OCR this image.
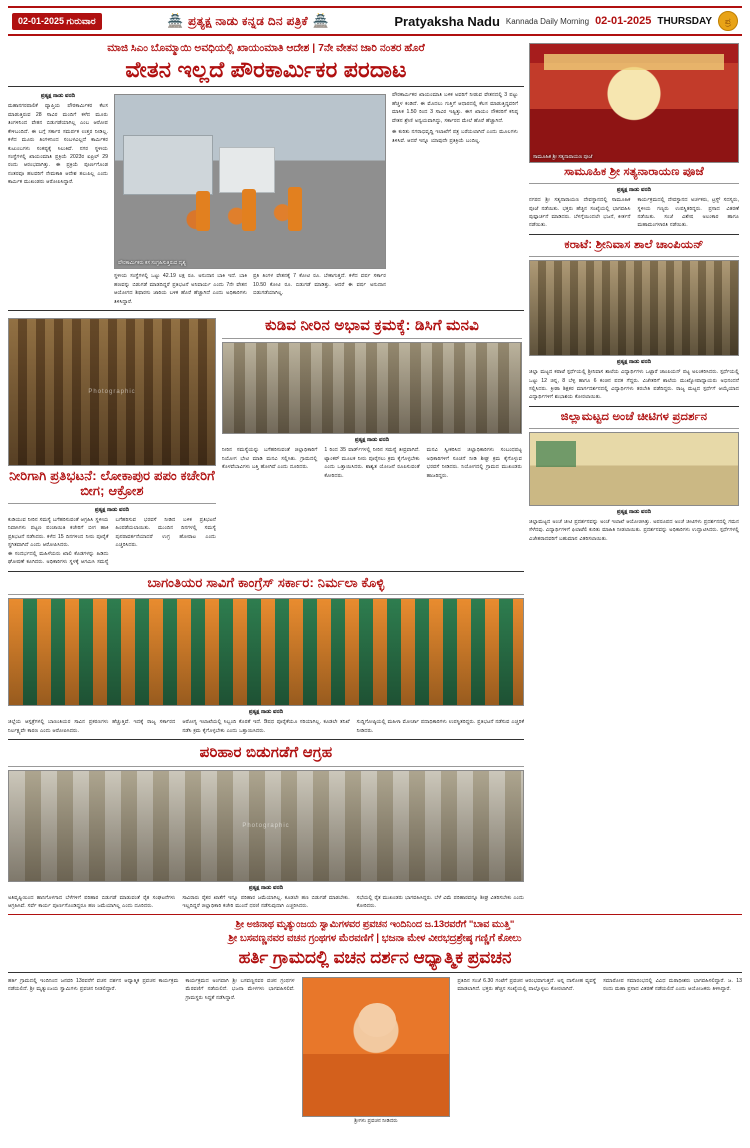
02-01-2025 ಗುರುವಾರ	🏯 ಪ್ರತ್ಯಕ್ಷ ನಾಡು ಕನ್ನಡ ದಿನ ಪತ್ರಿಕೆ 🏯	Pratyaksha Nadu Kannada Daily Morning 02-01-2025 THURSDAY	ಪ್ರ
ಮಾಜಿ ಸಿಎಂ ಬೊಮ್ಮಾಯಿ ಅವಧಿಯಲ್ಲಿ ಖಾಯಂಮಾತಿ ಆದೇಶ | 7ನೇ ವೇತನ ಜಾರಿ ನಂತರ ಹೊರೆ
ವೇತನ ಇಲ್ಲದೆ ಪೌರಕಾರ್ಮಿಕರ ಪರದಾಟ
ಪ್ರತ್ಯಕ್ಷ ನಾಡು ವರದಿ
ಮಹಾನಗರಪಾಲಿಕೆ ವ್ಯಾಪ್ತಿಯ ಪೌರಕಾರ್ಮಿಕರ ಕೆಲಸ ಮಾಡುತ್ತಿರುವ 28 ಸಾವಿರ ಮಂದಿಗೆ ಕಳೆದ ಮೂರು ತಿಂಗಳಿನಿಂದ ವೇತನ ಬಿಡುಗಡೆಯಾಗಿಲ್ಲ ಎಂಬ ಆರೋಪ ಕೇಳಿಬಂದಿದೆ. ಈ ಬಗ್ಗೆ ಸರ್ಕಾರ ಸಮರ್ಪಕ ಉತ್ತರ ನೀಡಿಲ್ಲ. ಕಳೆದ ಮೂರು ತಿಂಗಳಿನಿಂದ ಸಂಬಳವಿಲ್ಲದೆ ಕಾರ್ಮಿಕರ ಕುಟುಂಬಗಳು ಸಂಕಷ್ಟಕ್ಕೆ ಸಿಲುಕಿವೆ. ನಗರ ಸ್ಥಳೀಯ ಸಂಸ್ಥೆಗಳಲ್ಲಿ ಖಾಯಂಮಾತಿ ಪ್ರಕ್ರಿಯೆ 2023ರ ಏಪ್ರಿಲ್ 29 ರಂದು ಆರಂಭವಾಗಿತ್ತು. ಈ ಪ್ರಕ್ರಿಯೆ ಪೂರ್ಣಗೊಂಡ ನಂತರವೂ ಹಲವರಿಗೆ ನೇಮಕಾತಿ ಆದೇಶ ತಲುಪಿಲ್ಲ ಎಂದು ಕಾರ್ಮಿಕ ಮುಖಂಡರು ಆರೋಪಿಸಿದ್ದಾರೆ.
ಪೌರಕಾರ್ಮಿಕರು ಕಸ ಸಂಗ್ರಹಿಸುತ್ತಿರುವ ದೃಶ್ಯ
ಸ್ಥಳೀಯ ಸಂಸ್ಥೆಗಳಲ್ಲಿ ಒಟ್ಟು 42.19 ಲಕ್ಷ ರೂ. ಅನುದಾನ ಬಾಕಿ ಇದೆ. ಬಾಕಿ ಹಣವನ್ನು ಬಿಡುಗಡೆ ಮಾಡದಿದ್ದರೆ ಪ್ರತಿಭಟನೆ ಅನಿವಾರ್ಯ ಎಂದು 7ನೇ ವೇತನ ಆಯೋಗದ ಶಿಫಾರಸು ಜಾರಿಯ ಬಳಿಕ ಹೊರೆ ಹೆಚ್ಚಾಗಿದೆ ಎಂದು ಅಧಿಕಾರಿಗಳು ತಿಳಿಸಿದ್ದಾರೆ.
ಪ್ರತಿ ತಿಂಗಳ ವೇತನಕ್ಕೆ 7 ಕೋಟಿ ರೂ. ಬೇಕಾಗುತ್ತದೆ. ಕಳೆದ ವರ್ಷ ಸರ್ಕಾರ 10.50 ಕೋಟಿ ರೂ. ಬಿಡುಗಡೆ ಮಾಡಿತ್ತು. ಆದರೆ ಈ ವರ್ಷ ಅನುದಾನ ಬಿಡುಗಡೆಯಾಗಿಲ್ಲ.
ಪೌರಕಾರ್ಮಿಕರ ಖಾಯಂಮಾತಿ ಬಳಿಕ ಅವರಿಗೆ ನೀಡುವ ವೇತನದಲ್ಲಿ 3 ಪಟ್ಟು ಹೆಚ್ಚಳ ಕಂಡಿದೆ. ಈ ಮೊದಲು ಗುತ್ತಿಗೆ ಆಧಾರದಲ್ಲಿ ಕೆಲಸ ಮಾಡುತ್ತಿದ್ದವರಿಗೆ ಮಾಸಿಕ 1.50 ರಿಂದ 3 ಸಾವಿರ ಇಷ್ಟಿತ್ತು. ಈಗ ಖಾಯಂ ನೌಕರರಿಗೆ ಕನಿಷ್ಠ ವೇತನ ಶ್ರೇಣಿ ಅನ್ವಯವಾಗಿದ್ದು, ಸರ್ಕಾರದ ಮೇಲೆ ಹೊರೆ ಹೆಚ್ಚಾಗಿದೆ.
ಈ ಕುರಿತು ನಗರಾಭಿವೃದ್ಧಿ ಇಲಾಖೆಗೆ ಪತ್ರ ಬರೆಯಲಾಗಿದೆ ಎಂದು ಮೂಲಗಳು ತಿಳಿಸಿವೆ. ಆದರೆ ಇನ್ನೂ ಯಾವುದೇ ಪ್ರತಿಕ್ರಿಯೆ ಬಂದಿಲ್ಲ.
Photographic
ನೀರಿಗಾಗಿ ಪ್ರತಿಭಟನೆ: ಲೋಕಾಪುರ ಪಪಂ ಕಚೇರಿಗೆ ಬೀಗ; ಆಕ್ರೋಶ
ಪ್ರತ್ಯಕ್ಷ ನಾಡು ವರದಿ
ಕುಡಿಯುವ ನೀರಿನ ಸಮಸ್ಯೆ ಬಗೆಹರಿಸುವಂತೆ ಆಗ್ರಹಿಸಿ ಸ್ಥಳೀಯ ನಿವಾಸಿಗಳು ಪಟ್ಟಣ ಪಂಚಾಯಿತಿ ಕಚೇರಿಗೆ ಬೀಗ ಹಾಕಿ ಪ್ರತಿಭಟನೆ ನಡೆಸಿದರು. ಕಳೆದ 15 ದಿನಗಳಿಂದ ನೀರು ಪೂರೈಕೆ ಸ್ಥಗಿತವಾಗಿದೆ ಎಂದು ಆರೋಪಿಸಿದರು.
ಈ ಸಂದರ್ಭದಲ್ಲಿ ಮಹಿಳೆಯರು ಖಾಲಿ ಕೊಡಗಳನ್ನು ಹಿಡಿದು ಘೋಷಣೆ ಕೂಗಿದರು. ಅಧಿಕಾರಿಗಳು ಸ್ಥಳಕ್ಕೆ ಆಗಮಿಸಿ ಸಮಸ್ಯೆ ಬಗೆಹರಿಸುವ ಭರವಸೆ ನೀಡಿದ ಬಳಿಕ ಪ್ರತಿಭಟನೆ ಹಿಂಪಡೆಯಲಾಯಿತು. ಮುಂದಿನ ದಿನಗಳಲ್ಲಿ ಸಮಸ್ಯೆ ಪುನರಾವರ್ತನೆಯಾದರೆ ಉಗ್ರ ಹೋರಾಟ ಎಂದು ಎಚ್ಚರಿಸಿದರು.
ಕುಡಿವ ನೀರಿನ ಅಭಾವ ಕ್ರಮಕ್ಕೆ: ಡಿಸಿಗೆ ಮನವಿ
ಪ್ರತ್ಯಕ್ಷ ನಾಡು ವರದಿ
ನೀರಿನ ಸಮಸ್ಯೆಯನ್ನು ಬಗೆಹರಿಸುವಂತೆ ಜಿಲ್ಲಾಧಿಕಾರಿಗೆ ನಿಯೋಗ ಭೇಟಿ ಮಾಡಿ ಮನವಿ ಸಲ್ಲಿಸಿತು. ಗ್ರಾಮದಲ್ಲಿ ಕೊಳವೆಬಾವಿಗಳು ಬತ್ತಿ ಹೋಗಿವೆ ಎಂದು ದೂರಿದರು.
1 ರಿಂದ 35 ವಾರ್ಡ್‌ಗಳಲ್ಲಿ ನೀರಿನ ಸಮಸ್ಯೆ ತೀವ್ರವಾಗಿದೆ. ಟ್ಯಾಂಕರ್ ಮೂಲಕ ನೀರು ಪೂರೈಸಲು ಕ್ರಮ ಕೈಗೊಳ್ಳಬೇಕು ಎಂದು ಒತ್ತಾಯಿಸಿದರು. ಶಾಶ್ವತ ಯೋಜನೆ ರೂಪಿಸುವಂತೆ ಕೋರಿದರು.
ಮನವಿ ಸ್ವೀಕರಿಸಿದ ಜಿಲ್ಲಾಧಿಕಾರಿಗಳು ಸಂಬಂಧಪಟ್ಟ ಅಧಿಕಾರಿಗಳಿಗೆ ಸೂಚನೆ ನೀಡಿ ಶೀಘ್ರ ಕ್ರಮ ಕೈಗೊಳ್ಳುವ ಭರವಸೆ ನೀಡಿದರು. ನಿಯೋಗದಲ್ಲಿ ಗ್ರಾಮದ ಮುಖಂಡರು ಹಾಜರಿದ್ದರು.
ಬಾಗಂತಿಯರ ಸಾವಿಗೆ ಕಾಂಗ್ರೆಸ್ ಸರ್ಕಾರ: ನಿರ್ಮಲಾ ಕೊಳ್ಳಿ
ಪ್ರತ್ಯಕ್ಷ ನಾಡು ವರದಿ
ಜಿಲ್ಲೆಯ ಆಸ್ಪತ್ರೆಗಳಲ್ಲಿ ಬಾಣಂತಿಯರ ಸಾವಿನ ಪ್ರಕರಣಗಳು ಹೆಚ್ಚುತ್ತಿವೆ. ಇದಕ್ಕೆ ರಾಜ್ಯ ಸರ್ಕಾರದ ನಿರ್ಲಕ್ಷ್ಯವೇ ಕಾರಣ ಎಂದು ಆರೋಪಿಸಿದರು.
ಆರೋಗ್ಯ ಇಲಾಖೆಯಲ್ಲಿ ಸಿಬ್ಬಂದಿ ಕೊರತೆ ಇದೆ. ಔಷಧ ಪೂರೈಕೆಯೂ ಸರಿಯಾಗಿಲ್ಲ. ಕೂಡಲೇ ತನಿಖೆ ನಡೆಸಿ ಕ್ರಮ ಕೈಗೊಳ್ಳಬೇಕು ಎಂದು ಒತ್ತಾಯಿಸಿದರು.
ಸುದ್ದಿಗೋಷ್ಠಿಯಲ್ಲಿ ಮಹಿಳಾ ಮೋರ್ಚಾ ಪದಾಧಿಕಾರಿಗಳು ಉಪಸ್ಥಿತರಿದ್ದರು. ಪ್ರತಿಭಟನೆ ನಡೆಸುವ ಎಚ್ಚರಿಕೆ ನೀಡಿದರು.
ಪರಿಹಾರ ಬಿಡುಗಡೆಗೆ ಆಗ್ರಹ
Photographic
ಪ್ರತ್ಯಕ್ಷ ನಾಡು ವರದಿ
ಅತಿವೃಷ್ಟಿಯಿಂದ ಹಾನಿಗೊಳಗಾದ ಬೆಳೆಗಳಿಗೆ ಪರಿಹಾರ ಬಿಡುಗಡೆ ಮಾಡುವಂತೆ ರೈತ ಸಂಘಟನೆಗಳು ಆಗ್ರಹಿಸಿವೆ. ಸರ್ವೆ ಕಾರ್ಯ ಪೂರ್ಣಗೊಂಡಿದ್ದರೂ ಹಣ ಜಮೆಯಾಗಿಲ್ಲ ಎಂದು ದೂರಿದರು.
ಸಾವಿರಾರು ರೈತರ ಖಾತೆಗೆ ಇನ್ನೂ ಪರಿಹಾರ ಜಮೆಯಾಗಿಲ್ಲ. ಕೂಡಲೇ ಹಣ ಬಿಡುಗಡೆ ಮಾಡಬೇಕು. ಇಲ್ಲದಿದ್ದರೆ ಜಿಲ್ಲಾಧಿಕಾರಿ ಕಚೇರಿ ಮುಂದೆ ಧರಣಿ ನಡೆಸುವುದಾಗಿ ಎಚ್ಚರಿಸಿದರು.
ಸಭೆಯಲ್ಲಿ ರೈತ ಮುಖಂಡರು ಭಾಗವಹಿಸಿದ್ದರು. ಬೆಳೆ ವಿಮೆ ಪರಿಹಾರವನ್ನೂ ಶೀಘ್ರ ವಿತರಿಸಬೇಕು ಎಂದು ಕೋರಿದರು.
ಸಾಮೂಹಿಕ ಶ್ರೀ ಸತ್ಯನಾರಾಯಣ ಪೂಜೆ
ಸಾಮೂಹಿಕ ಶ್ರೀ ಸತ್ಯನಾರಾಯಣ ಪೂಜೆ
ಪ್ರತ್ಯಕ್ಷ ನಾಡು ವರದಿ
ನಗರದ ಶ್ರೀ ಸತ್ಯನಾರಾಯಣ ದೇವಸ್ಥಾನದಲ್ಲಿ ಸಾಮೂಹಿಕ ಪೂಜೆ ನಡೆಯಿತು. ಭಕ್ತರು ಹೆಚ್ಚಿನ ಸಂಖ್ಯೆಯಲ್ಲಿ ಭಾಗವಹಿಸಿ ಪುಷ್ಪಾರ್ಚನೆ ಮಾಡಿದರು. ಬೆಳಗ್ಗೆಯಿಂದಲೇ ಭಜನೆ, ಕೀರ್ತನೆ ನಡೆಯಿತು.
ಕಾರ್ಯಕ್ರಮದಲ್ಲಿ ದೇವಸ್ಥಾನದ ಅರ್ಚಕರು, ಟ್ರಸ್ಟ್ ಸದಸ್ಯರು, ಸ್ಥಳೀಯ ಗಣ್ಯರು ಉಪಸ್ಥಿತರಿದ್ದರು. ಪ್ರಸಾದ ವಿತರಣೆ ನಡೆಯಿತು. ಸಂಜೆ ವಿಶೇಷ ಅಲಂಕಾರ ಹಾಗೂ ಮಹಾಮಂಗಳಾರತಿ ನಡೆಯಿತು.
ಕರಾಟೆ: ಶ್ರೀನಿವಾಸ ಶಾಲೆ ಚಾಂಪಿಯನ್
ಪ್ರತ್ಯಕ್ಷ ನಾಡು ವರದಿ
ಜಿಲ್ಲಾ ಮಟ್ಟದ ಕರಾಟೆ ಸ್ಪರ್ಧೆಯಲ್ಲಿ ಶ್ರೀನಿವಾಸ ಶಾಲೆಯ ವಿದ್ಯಾರ್ಥಿಗಳು ಒಟ್ಟಾರೆ ಚಾಂಪಿಯನ್ ಪಟ್ಟ ಅಲಂಕರಿಸಿದರು. ಸ್ಪರ್ಧೆಯಲ್ಲಿ ಒಟ್ಟು 12 ಚಿನ್ನ, 8 ಬೆಳ್ಳಿ ಹಾಗೂ 6 ಕಂಚಿನ ಪದಕ ಗೆದ್ದರು. ವಿಜೇತರಿಗೆ ಶಾಲೆಯ ಮುಖ್ಯೋಪಾಧ್ಯಾಯರು ಅಭಿನಂದನೆ ಸಲ್ಲಿಸಿದರು. ಕ್ರೀಡಾ ಶಿಕ್ಷಕರ ಮಾರ್ಗದರ್ಶನದಲ್ಲಿ ವಿದ್ಯಾರ್ಥಿಗಳು ತರಬೇತಿ ಪಡೆದಿದ್ದರು. ರಾಜ್ಯ ಮಟ್ಟದ ಸ್ಪರ್ಧೆಗೆ ಆಯ್ಕೆಯಾದ ವಿದ್ಯಾರ್ಥಿಗಳಿಗೆ ಶುಭಾಶಯ ಕೋರಲಾಯಿತು.
ಜಿಲ್ಲಾಮಟ್ಟದ ಅಂಚೆ ಚೀಟಿಗಳ ಪ್ರದರ್ಶನ
ಪ್ರತ್ಯಕ್ಷ ನಾಡು ವರದಿ
ಜಿಲ್ಲಾಮಟ್ಟದ ಅಂಚೆ ಚೀಟಿ ಪ್ರದರ್ಶನವನ್ನು ಅಂಚೆ ಇಲಾಖೆ ಆಯೋಜಿಸಿತ್ತು. ಅಪರೂಪದ ಅಂಚೆ ಚೀಟಿಗಳು ಪ್ರದರ್ಶನದಲ್ಲಿ ಗಮನ ಸೆಳೆದವು. ವಿದ್ಯಾರ್ಥಿಗಳಿಗೆ ಫಿಲಾಟೆಲಿ ಕುರಿತು ಮಾಹಿತಿ ನೀಡಲಾಯಿತು. ಪ್ರದರ್ಶನವನ್ನು ಅಧಿಕಾರಿಗಳು ಉದ್ಘಾಟಿಸಿದರು. ಸ್ಪರ್ಧೆಗಳಲ್ಲಿ ವಿಜೇತರಾದವರಿಗೆ ಬಹುಮಾನ ವಿತರಿಸಲಾಯಿತು.
ಶ್ರೀ ಅಜಿನಾಥ ಮೃತ್ಯುಂಜಯ ಸ್ವಾಮಿಗಳವರ ಪ್ರವಚನ ಇಂದಿನಿಂದ ಜ.13ರವರೆಗೆ "ಬಾವ ಮುತ್ತಿ"
ಶ್ರೀ ಬಸವಣ್ಣನವರ ವಚನ ಗ್ರಂಥಗಳ ಮೆರವಣಿಗೆ | ಭಜನಾ ಮೇಳ ವೀರಭದ್ರಶ್ರೇಷ್ಠ ಗಣ್ಣಿಗೆ ಕೋಲು
ಹರ್ತಿ ಗ್ರಾಮದಲ್ಲಿ ವಚನ ದರ್ಶನ ಆಧ್ಯಾತ್ಮಿಕ ಪ್ರವಚನ
ಹರ್ತಿ ಗ್ರಾಮದಲ್ಲಿ ಇಂದಿನಿಂದ ಜನವರಿ 13ರವರೆಗೆ ವಚನ ದರ್ಶನ ಆಧ್ಯಾತ್ಮಿಕ ಪ್ರವಚನ ಕಾರ್ಯಕ್ರಮ ನಡೆಯಲಿದೆ. ಶ್ರೀ ಮೃತ್ಯುಂಜಯ ಸ್ವಾಮಿಗಳು ಪ್ರವಚನ ನೀಡಲಿದ್ದಾರೆ.
ಕಾರ್ಯಕ್ರಮದ ಅಂಗವಾಗಿ ಶ್ರೀ ಬಸವಣ್ಣನವರ ವಚನ ಗ್ರಂಥಗಳ ಮೆರವಣಿಗೆ ನಡೆಯಲಿದೆ. ಭಜನಾ ಮೇಳಗಳು ಭಾಗವಹಿಸಲಿವೆ. ಗ್ರಾಮಸ್ಥರು ಸಿದ್ಧತೆ ನಡೆಸಿದ್ದಾರೆ.
ಶ್ರೀಗಳು ಪ್ರವಚನ ನೀಡಿದರು
ಪ್ರತಿದಿನ ಸಂಜೆ 6.30 ಗಂಟೆಗೆ ಪ್ರವಚನ ಆರಂಭವಾಗುತ್ತದೆ. ಅನ್ನ ದಾಸೋಹ ವ್ಯವಸ್ಥೆ ಮಾಡಲಾಗಿದೆ. ಭಕ್ತರು ಹೆಚ್ಚಿನ ಸಂಖ್ಯೆಯಲ್ಲಿ ಪಾಲ್ಗೊಳ್ಳಲು ಕೋರಲಾಗಿದೆ.
ಸಮಾರೋಪ ಸಮಾರಂಭದಲ್ಲಿ ವಿವಿಧ ಮಠಾಧೀಶರು ಭಾಗವಹಿಸಲಿದ್ದಾರೆ. ಜ. 13 ರಂದು ಮಹಾ ಪ್ರಸಾದ ವಿತರಣೆ ನಡೆಯಲಿದೆ ಎಂದು ಆಯೋಜಕರು ತಿಳಿಸಿದ್ದಾರೆ.
